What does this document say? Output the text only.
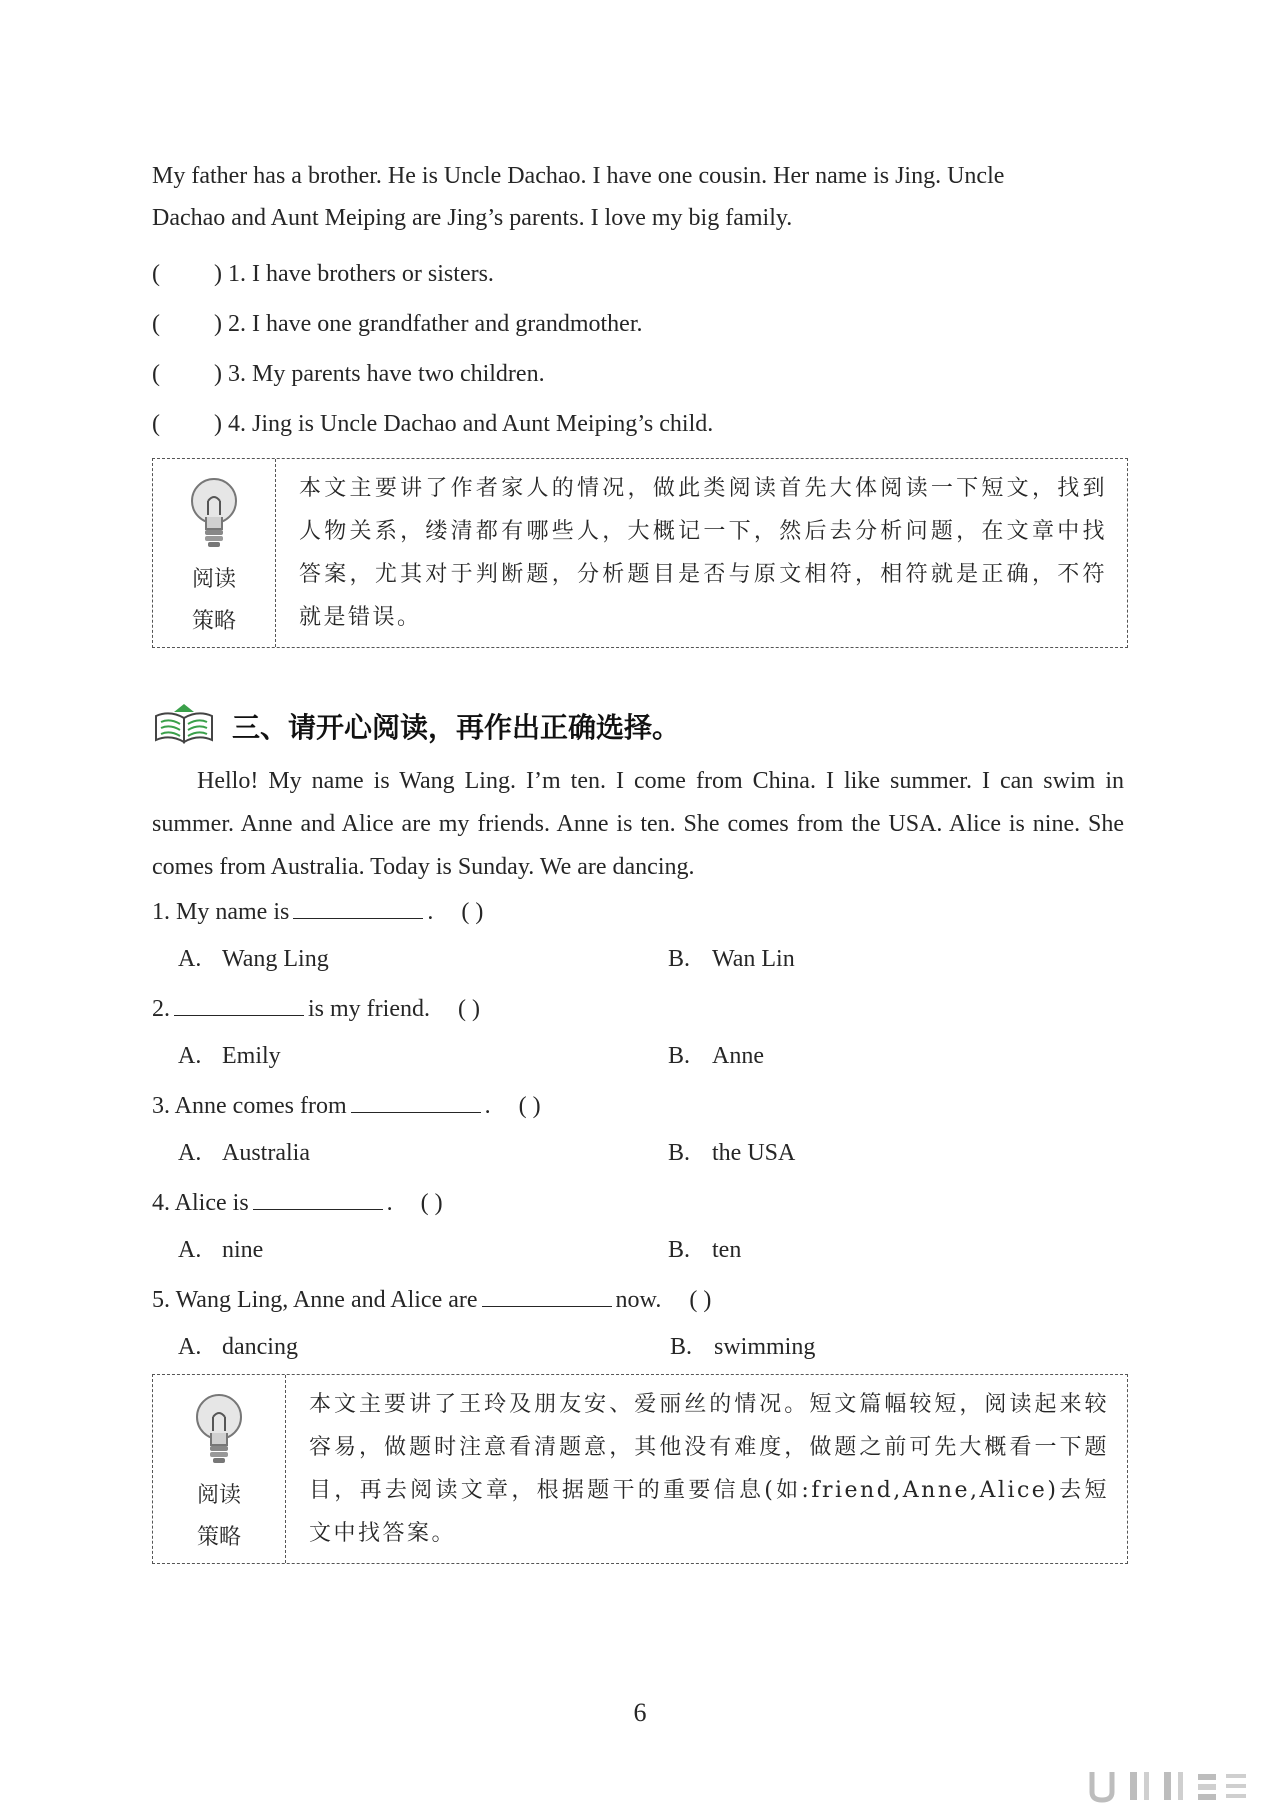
My father has a brother. He is Uncle Dachao. I have one cousin. Her name is Jing. Uncle
Dachao and Aunt Meiping are Jing’s parents. I love my big family.
( ) 1. I have brothers or sisters.
( ) 2. I have one grandfather and grandmother.
( ) 3. My parents have two children.
( ) 4. Jing is Uncle Dachao and Aunt Meiping’s child.
阅读
策略
本文主要讲了作者家人的情况，做此类阅读首先大体阅读一下短文，找到人物关系，缕清都有哪些人，大概记一下，然后去分析问题，在文章中找答案，尤其对于判断题，分析题目是否与原文相符，相符就是正确，不符就是错误。
三、请开心阅读，再作出正确选择。
Hello! My name is Wang Ling. I’m ten. I come from China. I like summer. I can swim in summer. Anne and Alice are my friends. Anne is ten. She comes from the USA. Alice is nine. She comes from Australia. Today is Sunday. We are dancing.
1. My name is	. ( )
A. Wang Ling	B. Wan Lin
2.	is my friend. ( )
A. Emily	B. Anne
3. Anne comes from	. ( )
A. Australia	B. the USA
4. Alice is	. ( )
A. nine	B. ten
5. Wang Ling, Anne and Alice are	now. ( )
A. dancing	B. swimming
阅读
策略
本文主要讲了王玲及朋友安、爱丽丝的情况。短文篇幅较短，阅读起来较容易，做题时注意看清题意，其他没有难度，做题之前可先大概看一下题目，再去阅读文章，根据题干的重要信息(如:friend,Anne,Alice)去短文中找答案。
6
